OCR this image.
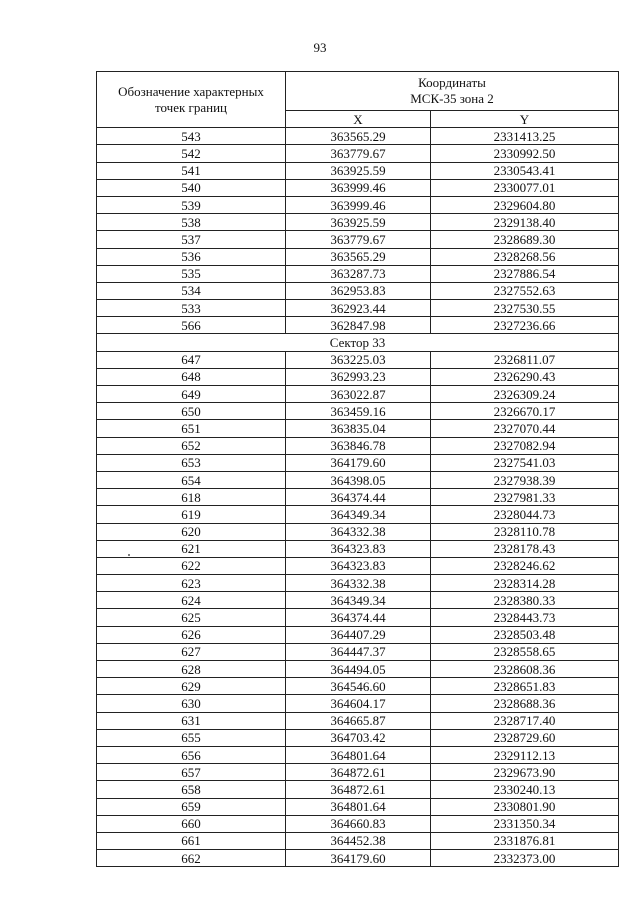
93
Обозначение характерных
точек границ	Координаты
МСК-35 зона 2	
	X	Y
543	363565.29	2331413.25
542	363779.67	2330992.50
541	363925.59	2330543.41
540	363999.46	2330077.01
539	363999.46	2329604.80
538	363925.59	2329138.40
537	363779.67	2328689.30
536	363565.29	2328268.56
535	363287.73	2327886.54
534	362953.83	2327552.63
533	362923.44	2327530.55
566	362847.98	2327236.66
Сектор 33		
647	363225.03	2326811.07
648	362993.23	2326290.43
649	363022.87	2326309.24
650	363459.16	2326670.17
651	363835.04	2327070.44
652	363846.78	2327082.94
653	364179.60	2327541.03
654	364398.05	2327938.39
618	364374.44	2327981.33
619	364349.34	2328044.73
620	364332.38	2328110.78
621	364323.83	2328178.43
622	364323.83	2328246.62
623	364332.38	2328314.28
624	364349.34	2328380.33
625	364374.44	2328443.73
626	364407.29	2328503.48
627	364447.37	2328558.65
628	364494.05	2328608.36
629	364546.60	2328651.83
630	364604.17	2328688.36
631	364665.87	2328717.40
655	364703.42	2328729.60
656	364801.64	2329112.13
657	364872.61	2329673.90
658	364872.61	2330240.13
659	364801.64	2330801.90
660	364660.83	2331350.34
661	364452.38	2331876.81
662	364179.60	2332373.00
